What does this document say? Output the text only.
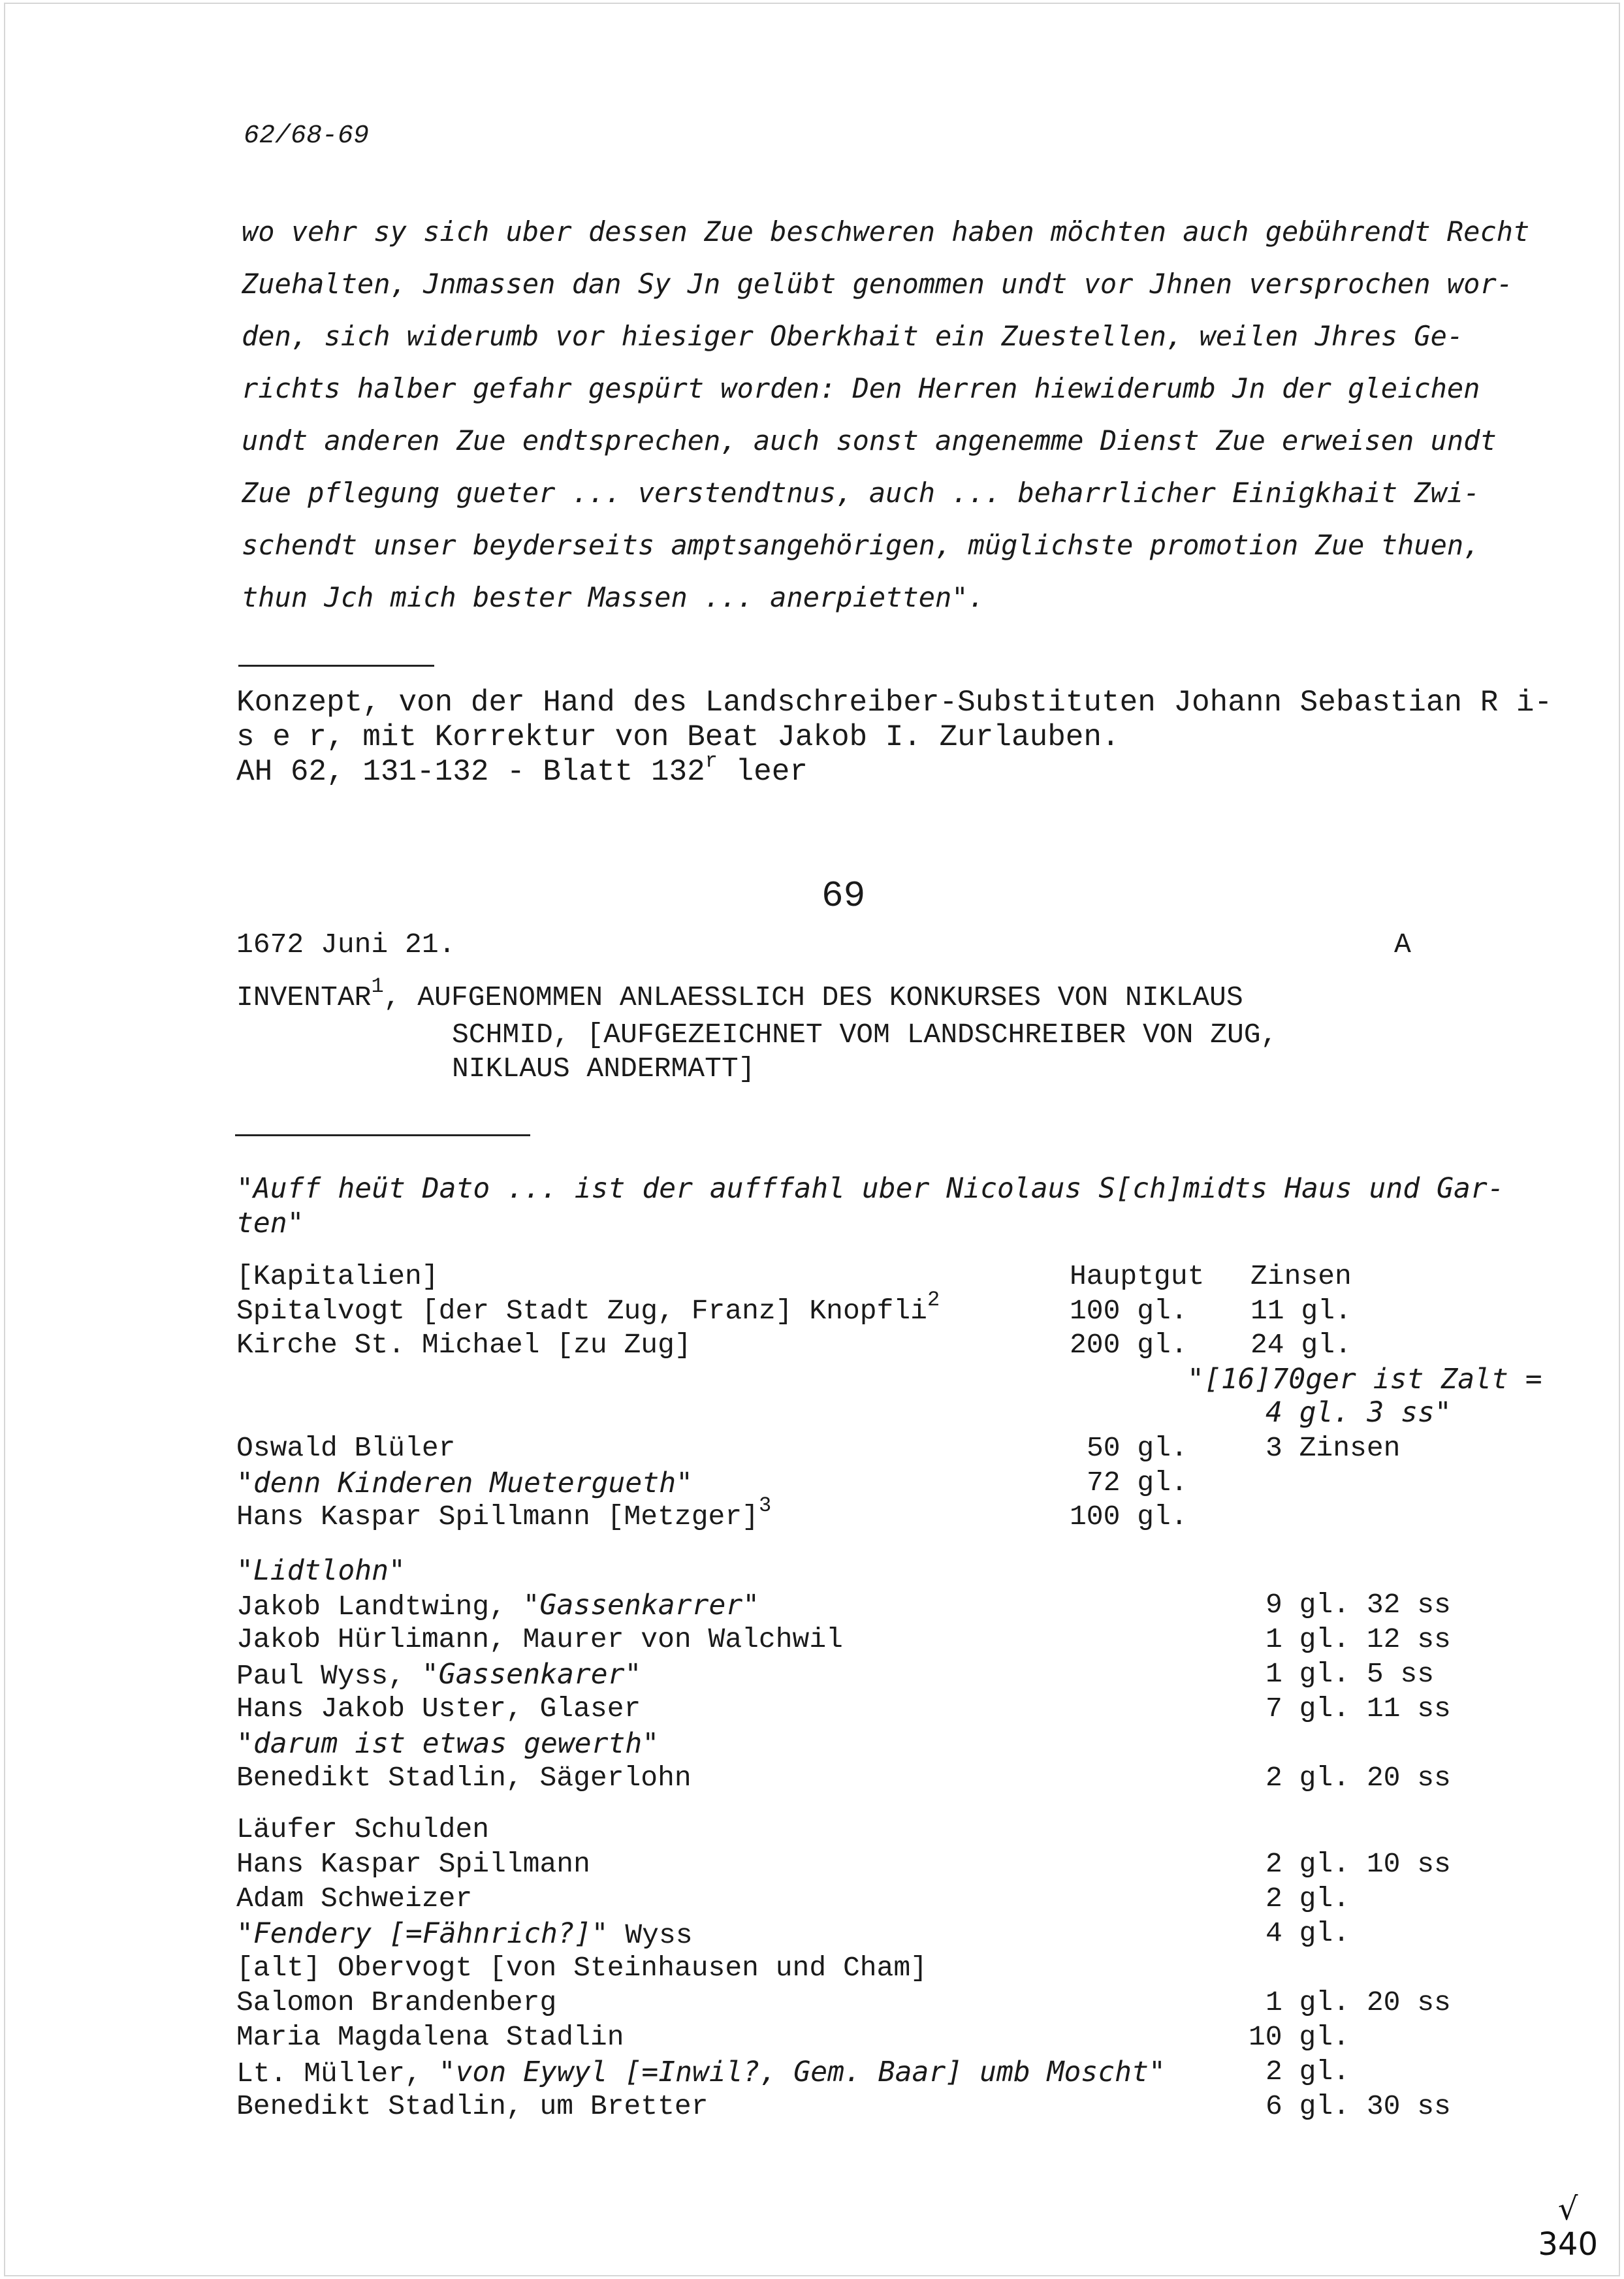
62/68-69
wo vehr sy sich uber dessen Zue beschweren haben möchten auch gebührendt Recht
Zuehalten, Jnmassen dan Sy Jn gelübt genommen undt vor Jhnen versprochen wor-
den, sich widerumb vor hiesiger Oberkhait ein Zuestellen, weilen Jhres Ge-
richts halber gefahr gespürt worden: Den Herren hiewiderumb Jn der gleichen
undt anderen Zue endtsprechen, auch sonst angenemme Dienst Zue erweisen undt
Zue pflegung gueter ... verstendtnus, auch ... beharrlicher Einigkhait Zwi-
schendt unser beyderseits amptsangehörigen, müglichste promotion Zue thuen,
thun Jch mich bester Massen ... anerpietten".
Konzept, von der Hand des Landschreiber-Substituten Johann Sebastian R i-
s e r, mit Korrektur von Beat Jakob I. Zurlauben.
AH 62, 131-132 - Blatt 132$^r$ leer
69
1672 Juni 21.	A
INVENTAR$^1$, AUFGENOMMEN ANLAESSLICH DES KONKURSES VON NIKLAUS
SCHMID, [AUFGEZEICHNET VOM LANDSCHREIBER VON ZUG,
NIKLAUS ANDERMATT]
"Auff heüt Dato ... ist der aufffahl uber Nicolaus S[ch]midts Haus und Gar-
ten"
[Kapitalien]	Hauptgut Zinsen
Spitalvogt [der Stadt Zug, Franz] Knopfli$^2$	100 gl. 11 gl.
Kirche St. Michael [zu Zug]	200 gl. 24 gl.
"[16]70ger ist Zalt =
4 gl. 3 ss"
Oswald Blüler	50 gl.	3 Zinsen
"denn Kinderen Muetergueth"	72 gl.
Hans Kaspar Spillmann [Metzger]$^3$	100 gl.
"Lidtlohn"
Jakob Landtwing, "Gassenkarrer"	9 gl. 32 ss
Jakob Hürlimann, Maurer von Walchwil	1 gl. 12 ss
Paul Wyss, "Gassenkarer"	1 gl. 5 ss
Hans Jakob Uster, Glaser	7 gl. 11 ss
"darum ist etwas gewerth"
Benedikt Stadlin, Sägerlohn	2 gl. 20 ss
Läufer Schulden
Hans Kaspar Spillmann	2 gl. 10 ss
Adam Schweizer	2 gl.
"Fendery [=Fähnrich?]" Wyss	4 gl.
[alt] Obervogt [von Steinhausen und Cham]
Salomon Brandenberg	1 gl. 20 ss
Maria Magdalena Stadlin	10 gl.
Lt. Müller, "von Eywyl [=Inwil?, Gem. Baar] umb Moscht"	2 gl.
Benedikt Stadlin, um Bretter	6 gl. 30 ss
√
340
